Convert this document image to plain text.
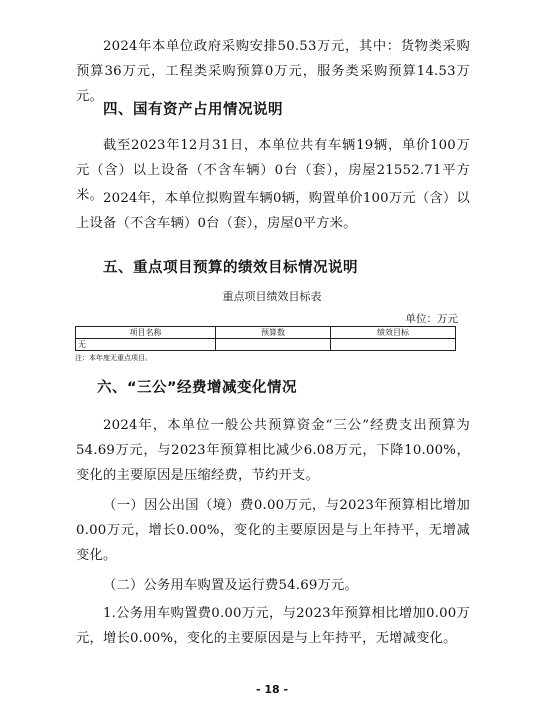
2024年本单位政府采购安排50.53万元，其中：货物类采购预算36万元，工程类采购预算0万元，服务类采购预算14.53万元。

四、国有资产占用情况说明

截至2023年12月31日，本单位共有车辆19辆，单价100万元（含）以上设备（不含车辆）0台（套），房屋21552.71平方米。 2024年，本单位拟购置车辆0辆，购置单价100万元（含）以上设备（不含车辆）0台（套），房屋0平方米。

五、重点项目预算的绩效目标情况说明
重点项目绩效目标表
单位：万元
项目名称	预算数	绩效目标
无		
注：本年度无重点项目。
六、“三公”经费增减变化情况

2024年，本单位一般公共预算资金“三公”经费支出预算为54.69万元，与2023年预算相比减少6.08万元，下降10.00%，变化的主要原因是压缩经费，节约开支。

（一）因公出国（境）费0.00万元，与2023年预算相比增加0.00万元，增长0.00%，变化的主要原因是与上年持平，无增减变化。

（二）公务用车购置及运行费54.69万元。

1.公务用车购置费0.00万元，与2023年预算相比增加0.00万元，增长0.00%，变化的主要原因是与上年持平，无增减变化。

- 18 -
